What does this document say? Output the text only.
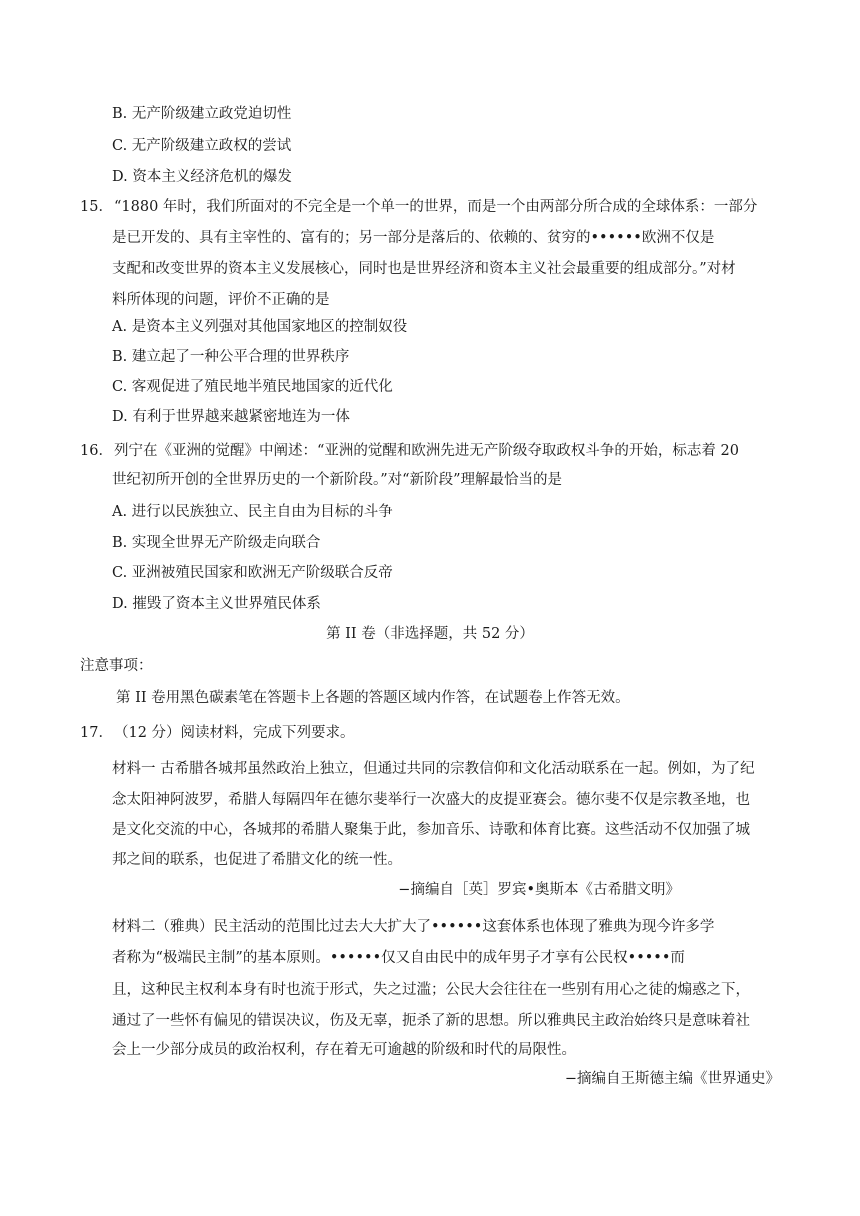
B. 无产阶级建立政党迫切性
C. 无产阶级建立政权的尝试
D. 资本主义经济危机的爆发
15． “1880 年时，我们所面对的不完全是一个单一的世界，而是一个由两部分所合成的全球体系：一部分
是已开发的、具有主宰性的、富有的；另一部分是落后的、依赖的、贫穷的••••••欧洲不仅是
支配和改变世界的资本主义发展核心，同时也是世界经济和资本主义社会最重要的组成部分。”对材
料所体现的问题，评价不正确的是
A. 是资本主义列强对其他国家地区的控制奴役
B. 建立起了一种公平合理的世界秩序
C. 客观促进了殖民地半殖民地国家的近代化
D. 有利于世界越来越紧密地连为一体
16． 列宁在《亚洲的觉醒》中阐述：“亚洲的觉醒和欧洲先进无产阶级夺取政权斗争的开始，标志着 20
世纪初所开创的全世界历史的一个新阶段。”对“新阶段”理解最恰当的是
A. 进行以民族独立、民主自由为目标的斗争
B. 实现全世界无产阶级走向联合
C. 亚洲被殖民国家和欧洲无产阶级联合反帝
D. 摧毁了资本主义世界殖民体系
第 II 卷（非选择题，共 52 分）
注意事项：
第 II 卷用黑色碳素笔在答题卡上各题的答题区域内作答，在试题卷上作答无效。
17． （12 分）阅读材料，完成下列要求。
材料一 古希腊各城邦虽然政治上独立，但通过共同的宗教信仰和文化活动联系在一起。例如，为了纪
念太阳神阿波罗，希腊人每隔四年在德尔斐举行一次盛大的皮提亚赛会。德尔斐不仅是宗教圣地，也
是文化交流的中心，各城邦的希腊人聚集于此，参加音乐、诗歌和体育比赛。这些活动不仅加强了城
邦之间的联系，也促进了希腊文化的统一性。
−摘编自［英］罗宾•奥斯本《古希腊文明》
材料二（雅典）民主活动的范围比过去大大扩大了••••••这套体系也体现了雅典为现今许多学
者称为“极端民主制”的基本原则。••••••仅又自由民中的成年男子才享有公民权•••••而
且，这种民主权利本身有时也流于形式，失之过滥；公民大会往往在一些别有用心之徒的煽惑之下，
通过了一些怀有偏见的错误决议，伤及无辜，扼杀了新的思想。所以雅典民主政治始终只是意味着社
会上一少部分成员的政治权利，存在着无可逾越的阶级和时代的局限性。
−摘编自王斯德主编《世界通史》
